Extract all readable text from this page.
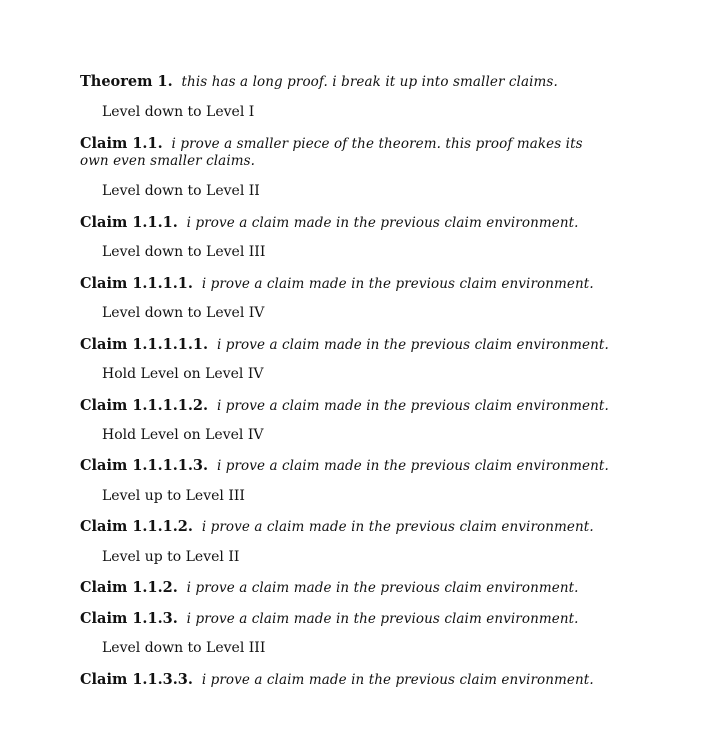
Theorem 1. this has a long proof. i break it up into smaller claims.
Level down to Level I
Claim 1.1. i prove a smaller piece of the theorem. this proof makes its own even smaller claims.
Level down to Level II
Claim 1.1.1. i prove a claim made in the previous claim environment.
Level down to Level III
Claim 1.1.1.1. i prove a claim made in the previous claim environment.
Level down to Level IV
Claim 1.1.1.1.1. i prove a claim made in the previous claim environment.
Hold Level on Level IV
Claim 1.1.1.1.2. i prove a claim made in the previous claim environment.
Hold Level on Level IV
Claim 1.1.1.1.3. i prove a claim made in the previous claim environment.
Level up to Level III
Claim 1.1.1.2. i prove a claim made in the previous claim environment.
Level up to Level II
Claim 1.1.2. i prove a claim made in the previous claim environment.
Claim 1.1.3. i prove a claim made in the previous claim environment.
Level down to Level III
Claim 1.1.3.3. i prove a claim made in the previous claim environment.
